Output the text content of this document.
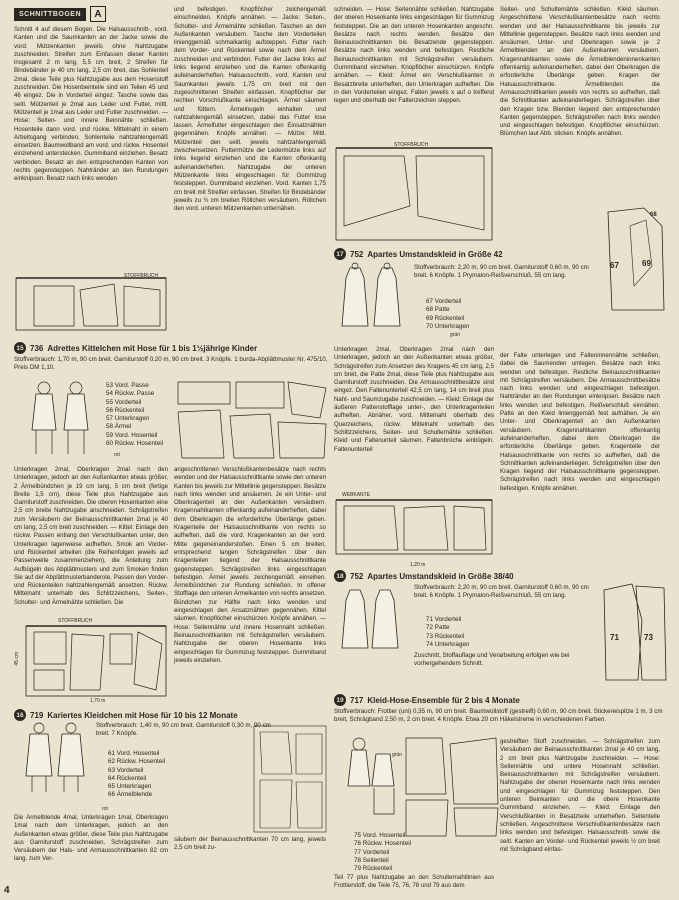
SCHNITTBOGEN	A

Schnitt 4 auf diesem Bogen. Die Halsausschnitt-, vord. Kanten und die Saumkanten an der Jacke sowie die vord. Mützenkanten jeweils ohne Nahtzugabe zuschneiden. Streifen zum Einfassen dieser Kanten insgesamt 2 m lang, 5,5 cm breit, 2 Streifen für Bindebänder je 40 cm lang, 2,5 cm breit, das Sohlenteil 2mal, diese Teile plus Nahtzugabe aus dem Hosenstoff zuschneiden. Die Hosenbeinteile sind ein Teilen 45 und 46 eingez. Die in Vorderteil eingez. Tasche sowie das seitl. Mützenteil je 2mal aus Leder und Futter, mittl. Mützenteil je 1mal aus Leder und Futter zuschneiden. — Hose: Seiten- und innere Beinnähte schließen. Hosenteile dann vord. und rückw. Mittelnaht in einem Arbeitsgang verbinden. Sohlenteile nahtzahlengemäß einsetzen. Baumwollband am vord. und rückw. Hosenteil einziehend unterstecken. Gummiband einziehen. Besatz verbinden. Besatz an den entsprechenden Kanten von rechts gegensteppen. Nahtränder an den Rundungen einknipsen. Besatz nach links wenden

und befestigen. Knopflöcher zeichengemäß einschneiden. Knöpfe annähen. — Jacke: Seiten-, Schulter- und Ärmelnähte schließen. Taschen an den Außenkanten versäubern. Tasche den Vorderteilen linienggemäß schmalkantig aufsteppen. Futter nach dem Vorder- und Rückenteil sowie nach dem Ärmel zuschneiden und verbinden. Futter der Jacke links auf links liegend einziehen und die Kanten offenkantig aufeinanderheften. Halsausschnitt-, vord. Kanten und Saumkanten jeweils 1,75 cm breit mit den zugeschnittenen Streifen einfassen. Knopflöcher der rechten Vorschlußkante einschlagen. Ärmel säumen und füttern. Ärmelnugeln einhalten und nahtzahlengemäß einsetzen, dabei das Futter lose lassen. Ärmelfutter eingeschlagen den Einsatznähten gegennähen. Knöpfe annähen. — Mütze: Mittl. Mützenteil den seitl. jeweils nahtzahlengemäß zwischensetzen. Futtermütze der Ledermütze links auf links liegend einziehen und die Kanten offenkantig aufeinanderheften. Nahtzugabe der unteren Mützenkante links eingeschlagen für Gummizug feststeppen. Gummiband einziehen. Vord. Kanten 1,75 cm breit mit Streifen einfassen. Streifen für Bindebänder jeweils zu ¾ cm breiten Röllchen versäubern. Röllchen den vord. unteren Mützenkanten unternähen.

schneiden. — Hose: Seitennähte schließen. Nahtzugabe der oberen Hosenkante links eingeschlagen für Gummizug feststeppen. Die an den unteren Hosenkanten angeschn. Besätze nach rechts wenden. Besätze den Beinausschnittkanten bis Besatzende gegensteppen. Besätze nach links wenden und befestigen. Restliche Beinausschnittkanten mit Schrägstreifen versäubern. Gummiband einziehen. Knopflöcher einschürzen. Knöpfe annähen. — Kleid: Ärmel ein Verschlußkanten in Besatzbreite unterheften, den Unterkragen aufheften. Die in den Vorderteilen eingez. Falten jeweils x auf o treffend legen und oberhalb der Faltenzeichen steppen.

Seiten- und Schulternähte schließen. Kleid säumen. Angeschnittene Verschlußkantenbesätze nach rechts wenden und der Halsausschnittkante bis jeweils zur Mittellinie gegensteppen. Besätze nach links wenden und ansäumen. Unter- und Oberkragen sowie je 2 Ärmelblenden an den Außenkanten versäubern. Kragennahtkanten sowie die Ärmelblendeninnenkanten offenkantig aufeinanderheften, dabei den Oberkragen die erforderliche Überlänge geben. Kragen der Halsausschnittkante. Ärmelblenden die Armausschnittkanten jeweils von rechts so aufheften, daß die Schnittkanten aufeinanderliegen. Schrägstreifen über den Kragen bzw. Blenden liegend den entsprechenden Kanten gegensteppen. Schrägstreifen nach links wenden und eingeschlagen befestigen. Knopflöcher einschürzen. Blümchen laut Abb. sticken. Knöpfe annähen.

STOFFBRUCH
STOFFBRUCH
67	69
68
17 752 Apartes Umstandskleid in Größe 42
Stoffverbrauch: 2,20 m, 90 cm breit. Garniturstoff 0,60 m, 90 cm breit. 6 Knöpfe. 1 Prymalon-Reißverschluß, 55 cm lang.
67 Vorderteil
68 Patte
69 Rückenteil
70 Unterkragen
grün
15 736 Adrettes Kittelchen mit Hose für 1 bis 1½jährige Kinder
Stoffverbrauch: 1,70 m, 90 cm breit. Garniturstoff 0,20 m, 90 cm breit. 3 Knöpfe. 1 burda-Abplättmuster Nr. 475/10, Preis DM 1,10.
53 Vord. Passe
54 Rückw. Passe
55 Vorderteil
56 Rückenteil
57 Unterkragen
58 Ärmel
59 Vord. Hosenteil
60 Rückw. Hosenteil
rot

Unterkragen 2mal, Oberkragen 2mal nach den Unterkragen, jedoch an den Außenkanten etwas größer, 2 Ärmelbündchen je 19 cm lang, 5 cm breit (fertige Breite 1,5 cm), diese Teile plus Nahtzugabe aus Garniturstoff zuschneiden. Die oberen Hosenkanten eine 2,5 cm breite Nahtzugabe anschneiden. Schrägstreifen zum Versäubern der Beinausschnittkanten 2mal je 40 cm lang, 2,5 cm breit zuschneiden. — Kittel: Einlage den rückw. Passen entlang den Verschlußkanten unter, den Unterkragen lagenweise aufheften. Smok am Vorder- und Rückenteil arbeiten (die Reihenfolgen jeweils auf Passenweite zusammenziehen), die Anleitung zum Aufbügeln des Abplättmusters und zum Smoken finden Sie auf der Abplättmusterbanderole. Passen den Vorder- und Rückenteilen nahtzahlengemäß ansetzen. Rückw. Mittelnaht unterhalb des Schlitzzeichens, Seiten-, Schulter- und Ärmelnähte schließen. Die

angeschnittenen Verschlußkantenbesätze nach rechts wenden und der Halsausschnittkante sowie den unteren Kanten bis jeweils zur Mittellinie gegensteppen. Besätze nach links wenden und ansäumen. Je ein Unter- und Oberkragenteil an den Außenkanten versäubern. Kragennahtkanten offenkantig aufeinanderheften, dabei dem Oberkragen die erforderliche Überlänge geben. Kragenteile der Halsausschnittkante von rechts so aufheften, daß die vord. Kragenkanten an der vord. Mitte gegeneinanderstoßen. Einen 5 cm breiten, entsprechend langen Schrägstreifen über den Kragenteilen liegend der Halsausschnittkante gegensteppen. Schrägstreifen links eingeschlagen befestigen. Ärmel jeweils zeichengemäß einreihen. Ärmelbündchen zur Rundung schließen. In offener Stofflage den unteren Ärmelkanten von rechts ansetzen. Bündchen zur Hälfte nach links wenden und eingeschlagen den Ansatznähten gegennähen. Kittel säumen. Knopflöcher einschürzen. Knöpfe annähen. — Hose: Seitennähte und innere Hosennaht schließen. Beinausschnittkanten mit Schrägstreifen versäubern. Nahtzugabe der oberen Hosenkante links eingeschlagen für Gummizug feststeppen. Gummiband jeweils einziehen.

STOFFBRUCH
45 cm
1,70 m
16 719 Kariertes Kleidchen mit Hose für 10 bis 12 Monate
Stoffverbrauch: 1,40 m, 90 cm breit. Garniturstoff 0,30 m, 90 cm breit. 7 Knöpfe.
61 Vord. Hosenteil
62 Rückw. Hosenteil
63 Vorderteil
64 Rückenteil
65 Unterkragen
66 Ärmelblende
rot

Die Ärmelblende 4mal, Unterkragen 1mal, Oberkragen 1mal nach dem Unterkragen, jedoch an den Außenkanten etwas größer, diese Teile plus Nahtzugabe aus Garniturstoff zuschneiden. Schrägstreifen zum Versäubern der Hals- und Armausschnittkanten 82 cm lang, zum Ver-

säubern der Beinausschnittkanten 70 cm lang, jeweils 2,5 cm breit zu-

Unterkragen 2mal, Oberkragen 2mal nach den Unterkragen, jedoch an den Außenkanten etwas größer, Schrägstreifen zum Ansetzen des Kragens 45 cm lang, 2,5 cm breit, die Patte 2mal, diese Teile plus Nahtzugabe aus Garniturstoff zuschneiden. Die Armausschnittbesätze sind eingez. Den Faltenunterteil 42,5 cm lang, 14 cm breit plus Naht- und Saumzugabe zuschneiden. — Kleid: Einlage der äußeren Pattenstofflage unter-, den Unterkragenteilen aufheften. Abnäher, vord. Mittelnaht oberhalb des Querzeichens, rückw. Mittelnaht unterhalb des Schlitzzeichens, Seiten- und Schulternähte schließen. Kleid und Faltenunteil säumen. Faltenbrüche einbügeln. Faltenunterteil

der Falte unterlegen und Falteninnennähte schließen, dabei die Saumenden umlegen. Besätze nach links wenden und befestigen. Restliche Beinausschnittkanten mit Schrägstreifen versäubern. Die Armausschnittbesätze nach links wenden und eingeschlagen befestigen. Nahtränder an den Rundungen einknipsen. Besätze nach links wenden und befestigen. Reißverschluß einnähen. Patte an den Kleid linienggemäß fest aufnähen. Je ein Unter- und Oberkragenteil an den Außenkanten versäubern. Kragennahtkanten offenkantig aufeinanderheften, dabei dem Oberkragen die erforderliche Überlänge geben. Kragenteile der Halsausschnittkante von rechts so aufheften, daß die Schnittkanten aufeinanderliegen. Schrägstreifen über den Kragen liegend der Halsausschnittkante gegensteppen. Schrägstreifen nach links wenden und eingeschlagen befestigen. Knöpfe annähen.

WEBKANTE
1,20 m
18 752 Apartes Umstandskleid in Größe 38/40
Stoffverbrauch: 2,20 m, 90 cm breit. Garniturstoff 0,60 m, 90 cm breit. 6 Knöpfe. 1 Prymalon-Reißverschluß, 55 cm lang.
71 Vorderteil
72 Patte
73 Rückenteil
74 Unterkragen
Zuschnitt, Stoffauflage und Verarbeitung erfolgen wie bei vorhergehendem Schnitt.
71	73
19 717 Kleid-Hose-Ensemble für 2 bis 4 Monate
Stoffverbrauch: Frottier (uni) 0,35 m, 90 cm breit. Baumwollstoff (gestreift) 0,60 m, 90 cm breit. Stickereispitze 1 m, 3 cm breit, Schrägband 2,50 m, 2 cm breit. 4 Knöpfe. Etwa 20 cm Häkelstreme in verschiedenen Farben.
grün
75 Vord. Hosenteil
76 Rückw. Hosenteil
77 Vorderteil
78 Seitenteil
79 Rückenteil

Teil 77 plus Nahtzugabe an den Schulternahtlinien aus Frottierstoff, die Teile 75, 76, 78 und 79 aus dem

gestreiften Stoff zuschneiden. — Schrägstreifen zum Versäubern der Beinausschnittkanten 2mal je 40 cm lang, 2 cm breit plus Nahtzugabe zuschneiden. — Hose: Seitennähte und untere Hosennaht schließen. Beinausschnittkanten mit Schrägstreifen versäubern. Nahtzugabe der oberen Hosenkante nach links wenden und eingeschlagen für Gummizug feststeppen. Den unteren Beinkanten und die obere Hosenkante Gummiband einziehen. — Kleid: Einlage den Verschlußkanten in Besatzteile unterheften. Seitenteile schließen. Angeschnittene Verschlußkantenbesätze nach links wenden und befestigen. Halsausschnitt- sowie die seitl. Kanten am Vorder- und Rückenteil jeweils ½ cm breit mit Schrägband einfas-

4
